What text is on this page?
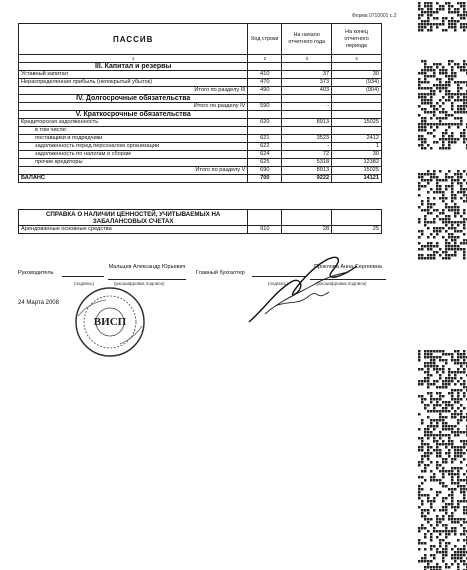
Форма 0710001 с.2
ПАССИВ	Код строки	На начало отчетного года	На конец отчетного периода
1	2	3	4
III. Капитал и резервы			
Уставный капитал	410	37	30
Нераспределенная прибыль (непокрытый убыток)	470	373	(934)
Итого по разделу III	490	403	(904)
IV. Долгосрочные обязательства			
Итого по разделу IV	590	-	
V. Краткосрочные обязательства			
Кредиторская задолженность	620	8913	15025
в том числе:			
поставщики и подрядчики	621	3523	2412
задолженность перед персоналом организации	622	-	1
задолженность по налогам и сборам	624	72	30
прочие кредиторы	625	5318	12382
Итого по разделу V	690	8913	15025
БАЛАНС	700	9222	14121
СПРАВКА О НАЛИЧИИ ЦЕННОСТЕЙ, УЧИТЫВАЕМЫХ НА ЗАБАЛАНСОВЫХ СЧЕТАХ			
Арендованные основные средства	910	28	25
Руководитель
Мальцев Александр Юрьевич
(подпись)	(расшифровка подписи)
Главный бухгалтер
Проклова Анна Сергеевна
(подпись)	(расшифровка подписи)
24 Марта 2008
ВИСП
